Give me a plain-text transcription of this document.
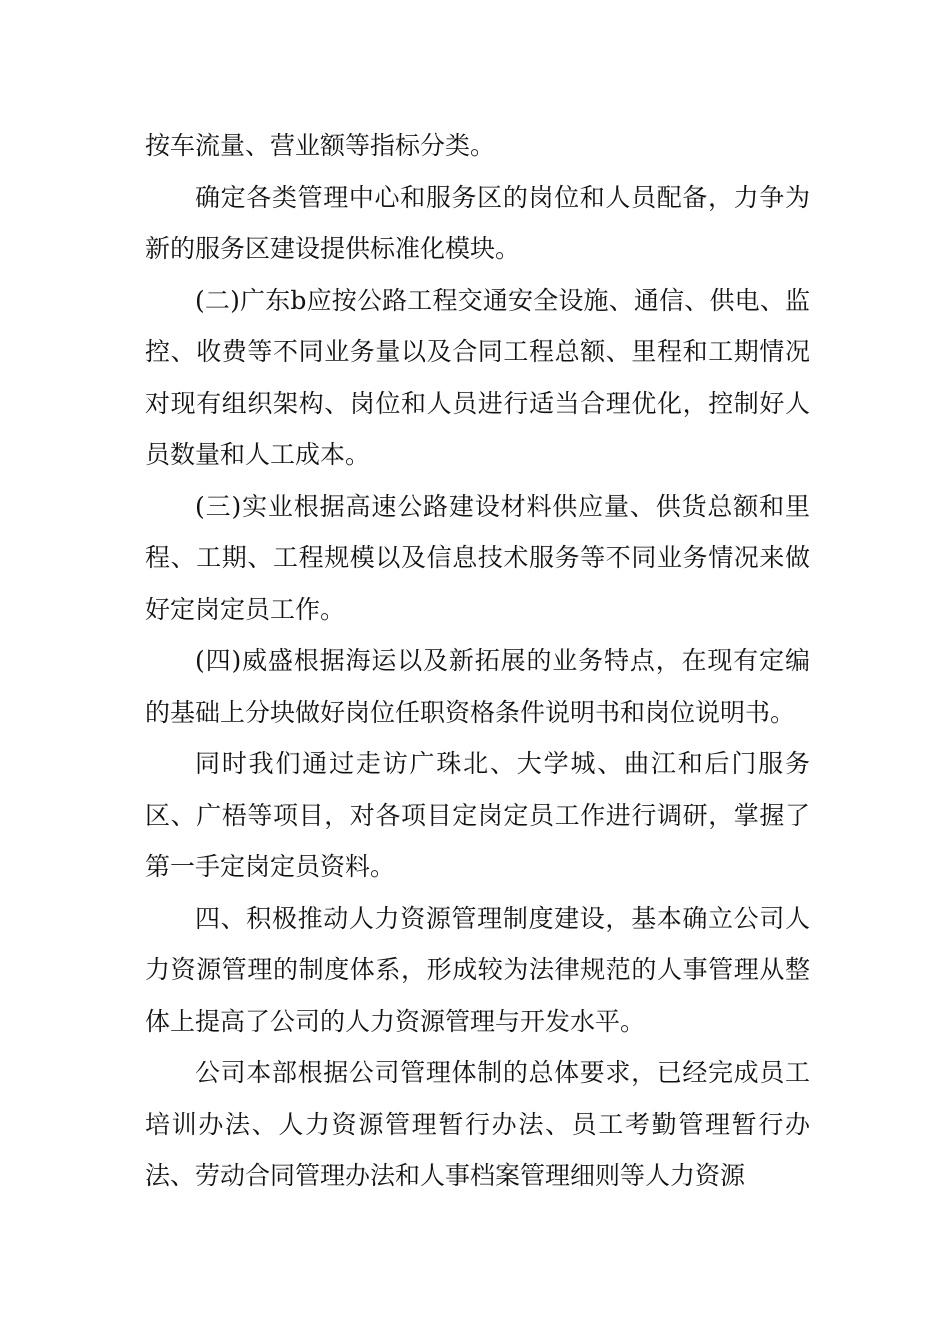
按车流量、营业额等指标分类。

确定各类管理中心和服务区的岗位和人员配备，力争为新的服务区建设提供标准化模块。

(二)广东b应按公路工程交通安全设施、通信、供电、监控、收费等不同业务量以及合同工程总额、里程和工期情况对现有组织架构、岗位和人员进行适当合理优化，控制好人员数量和人工成本。

(三)实业根据高速公路建设材料供应量、供货总额和里程、工期、工程规模以及信息技术服务等不同业务情况来做好定岗定员工作。

(四)威盛根据海运以及新拓展的业务特点，在现有定编的基础上分块做好岗位任职资格条件说明书和岗位说明书。

同时我们通过走访广珠北、大学城、曲江和后门服务区、广梧等项目，对各项目定岗定员工作进行调研，掌握了第一手定岗定员资料。

四、积极推动人力资源管理制度建设，基本确立公司人力资源管理的制度体系，形成较为法律规范的人事管理从整体上提高了公司的人力资源管理与开发水平。

公司本部根据公司管理体制的总体要求，已经完成员工培训办法、人力资源管理暂行办法、员工考勤管理暂行办法、劳动合同管理办法和人事档案管理细则等人力资源
